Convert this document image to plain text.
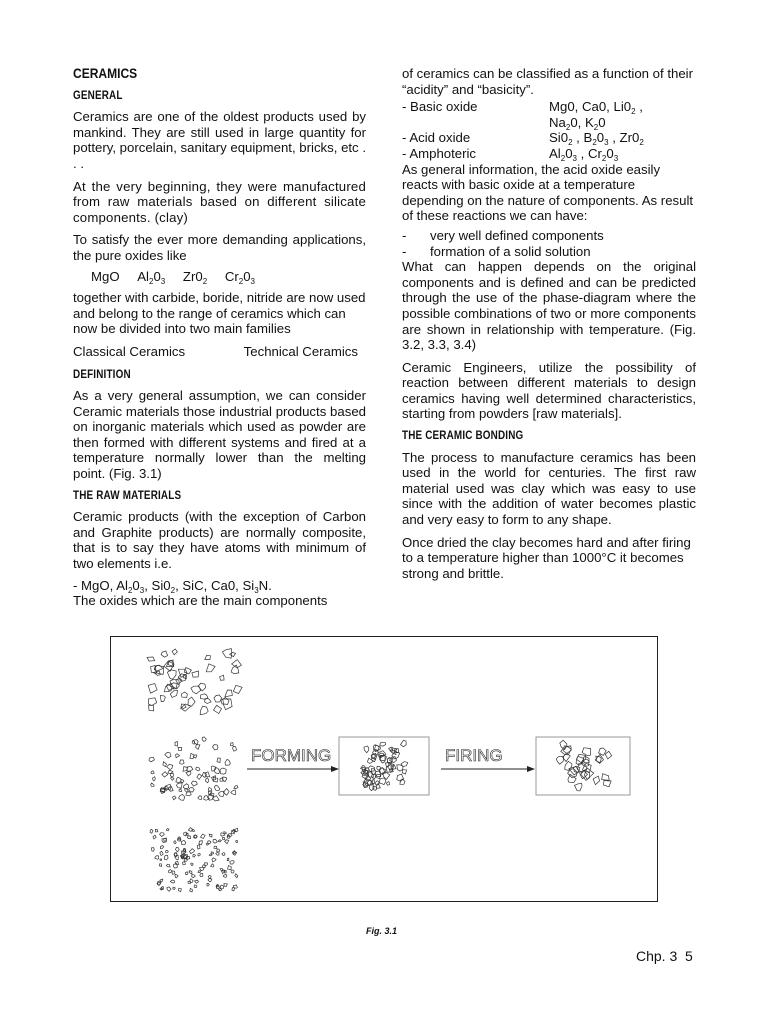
CERAMICS
GENERAL

Ceramics are one of the oldest products used by mankind. They are still used in large quantity for pottery, porcelain, sanitary equipment, bricks, etc . . .

At the very beginning, they were manufactured from raw materials based on different silicate components. (clay)

To satisfy the ever more demanding applications, the pure oxides like

MgO $Al_20_3$ $Zr0_2$ $Cr_20_3$

together with carbide, boride, nitride are now used and belong to the range of ceramics which can now be divided into two main families

Classical Ceramics	Technical Ceramics
DEFINITION

As a very general assumption, we can consider Ceramic materials those industrial products based on inorganic materials which used as powder are then formed with different systems and fired at a temperature normally lower than the melting point. (Fig. 3.1)

THE RAW MATERIALS

Ceramic products (with the exception of Carbon and Graphite products) are normally composite, that is to say they have atoms with minimum of two elements i.e.

- MgO, $Al_20_3$, $Si0_2$, SiC, Ca0, $Si_3N$.
The oxides which are the main components

of ceramics can be classified as a function of their “acidity” and “basicity”.

- Basic oxide	Mg0, Ca0, $Li0_2$ ,
$Na_20$, $K_20$
- Acid oxide	$Si0_2$ , $B_20_3$ , $Zr0_2$
- Amphoteric	$Al_20_3$ , $Cr_20_3$

As general information, the acid oxide easily reacts with basic oxide at a temperature depending on the nature of components. As result of these reactions we can have:

-	very well defined components
-	formation of a solid solution

What can happen depends on the original components and is defined and can be predicted through the use of the phase-diagram where the possible combinations of two or more components are shown in relationship with temperature. (Fig. 3.2, 3.3, 3.4)

Ceramic Engineers, utilize the possibility of reaction between different materials to design ceramics having well determined characteristics, starting from powders [raw materials].

THE CERAMIC BONDING

The process to manufacture ceramics has been used in the world for centuries. The first raw material used was clay which was easy to use since with the addition of water becomes plastic and very easy to form to any shape.

Once dried the clay becomes hard and after firing to a temperature higher than 1000°C it becomes strong and brittle.

FORMING	FIRING
Fig. 3.1
Chp. 3 5
